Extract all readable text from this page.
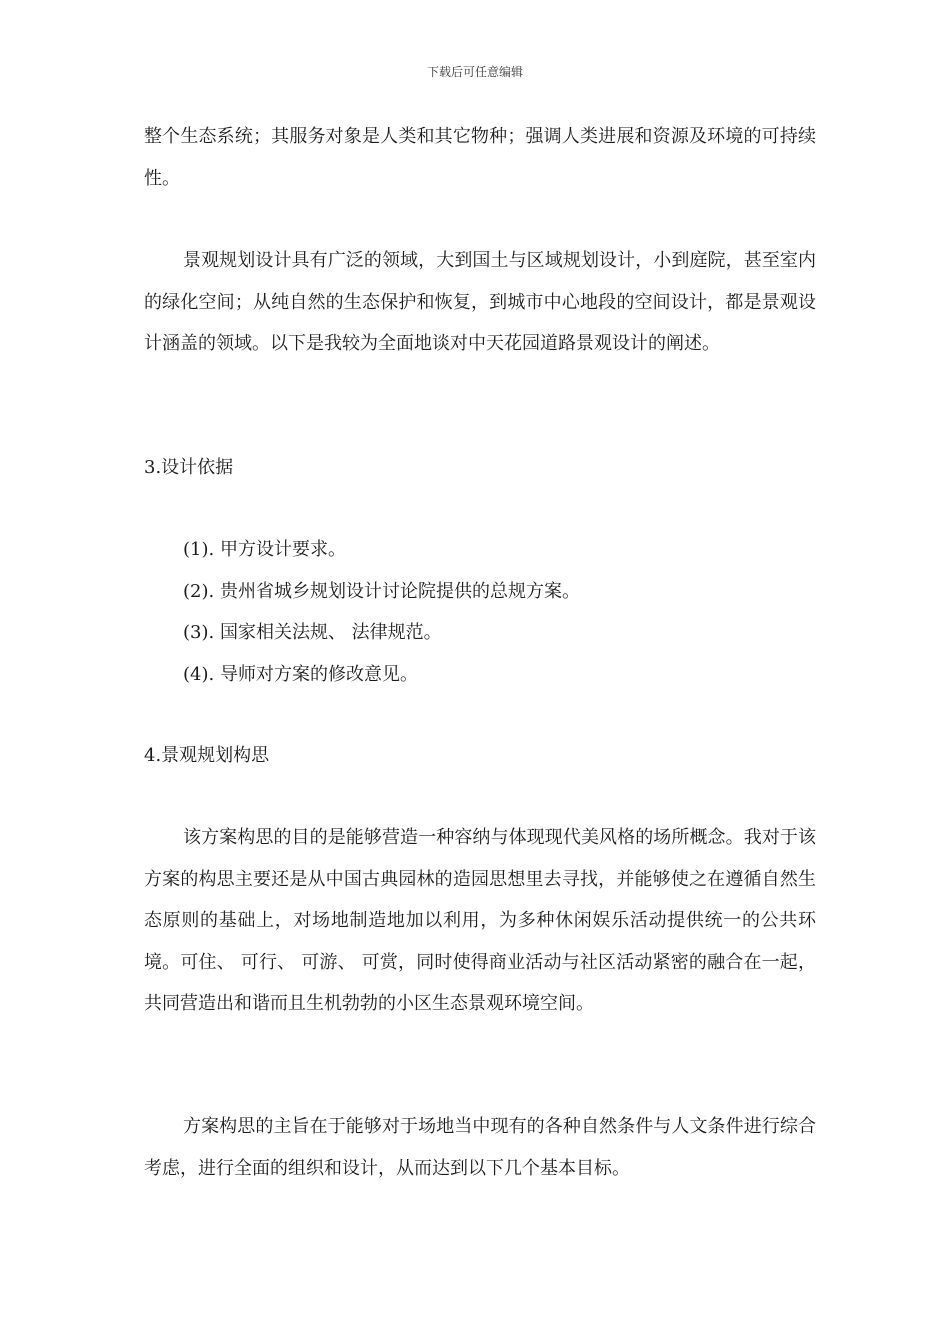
下载后可任意编辑

整个生态系统；其服务对象是人类和其它物种；强调人类进展和资源及环境的可持续性。

景观规划设计具有广泛的领域，大到国土与区域规划设计，小到庭院，甚至室内的绿化空间；从纯自然的生态保护和恢复，到城市中心地段的空间设计，都是景观设计涵盖的领域。以下是我较为全面地谈对中天花园道路景观设计的阐述。

3.设计依据

(1). 甲方设计要求。

(2). 贵州省城乡规划设计讨论院提供的总规方案。

(3). 国家相关法规、 法律规范。

(4). 导师对方案的修改意见。

4.景观规划构思

该方案构思的目的是能够营造一种容纳与体现现代美风格的场所概念。我对于该方案的构思主要还是从中国古典园林的造园思想里去寻找，并能够使之在遵循自然生态原则的基础上，对场地制造地加以利用，为多种休闲娱乐活动提供统一的公共环境。可住、 可行、 可游、 可赏，同时使得商业活动与社区活动紧密的融合在一起，共同营造出和谐而且生机勃勃的小区生态景观环境空间。

方案构思的主旨在于能够对于场地当中现有的各种自然条件与人文条件进行综合考虑，进行全面的组织和设计，从而达到以下几个基本目标。
